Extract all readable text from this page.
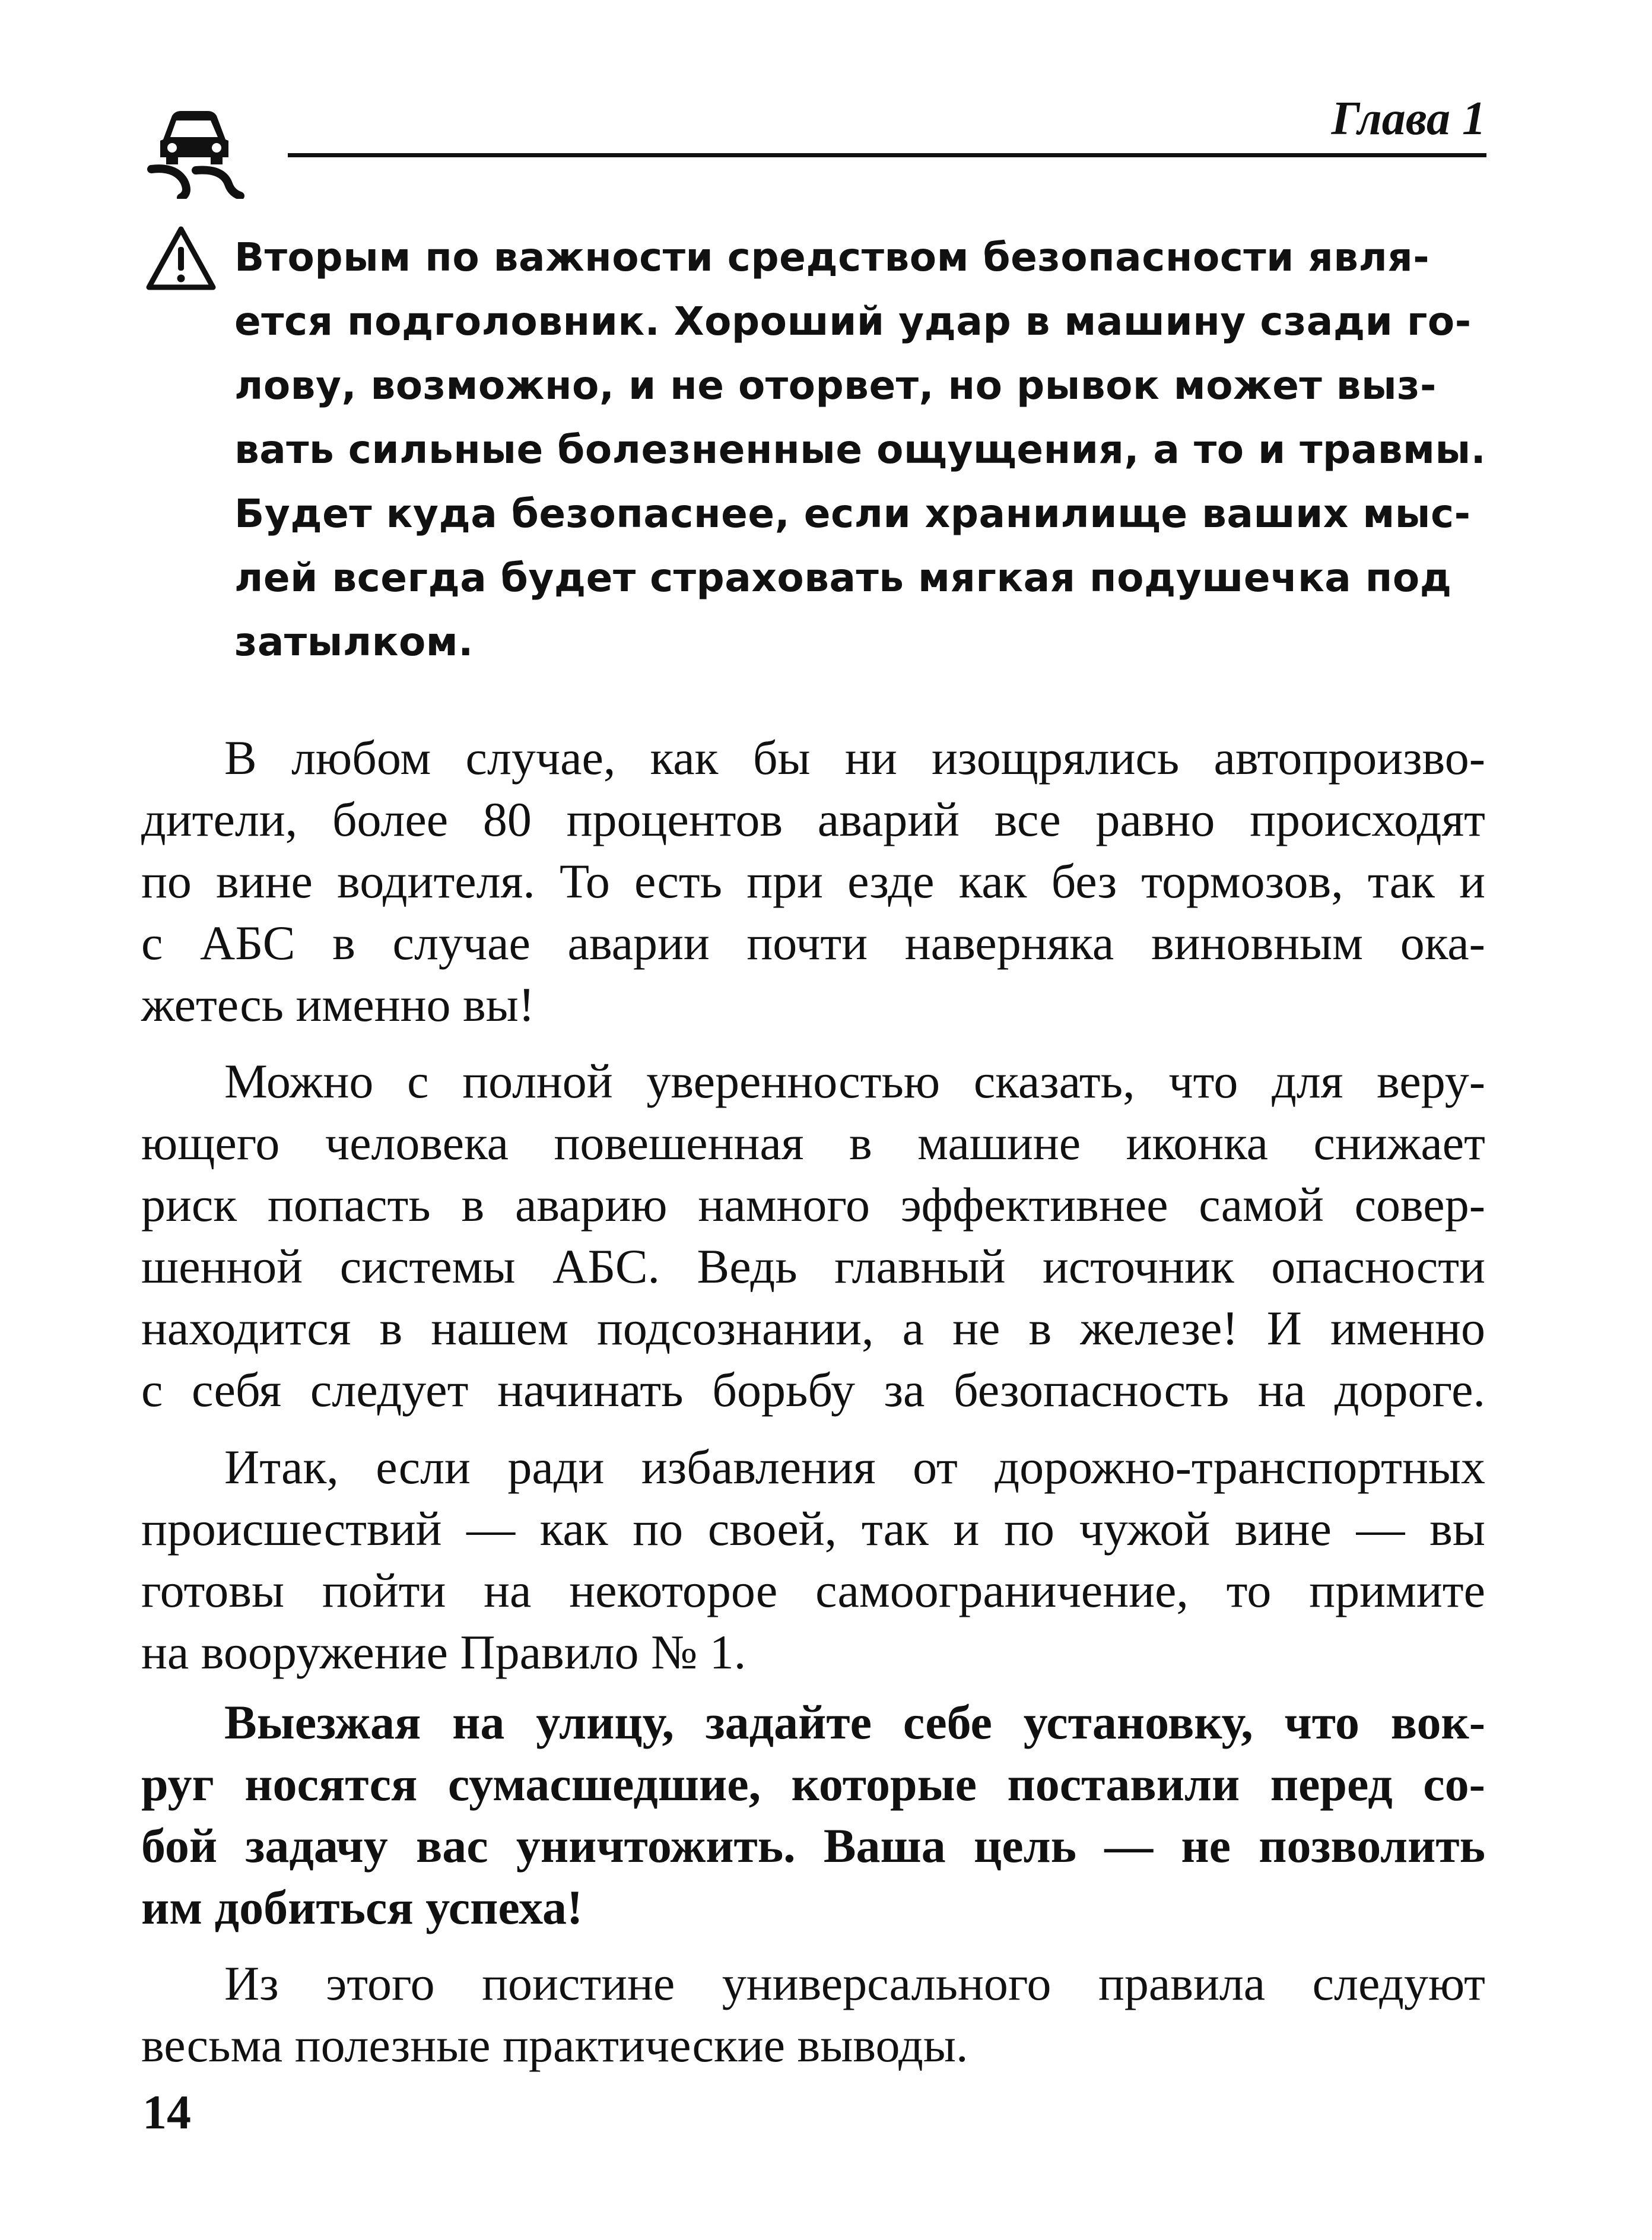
Глава 1
Вторым по важности средством безопасности явля-
ется подголовник. Хороший удар в машину сзади го-
лову, возможно, и не оторвет, но рывок может выз-
вать сильные болезненные ощущения, а то и травмы.
Будет куда безопаснее, если хранилище ваших мыс-
лей всегда будет страховать мягкая подушечка под
затылком.
В любом случае, как бы ни изощрялись автопроизво-
дители, более 80 процентов аварий все равно происходят
по вине водителя. То есть при езде как без тормозов, так и
с АБС в случае аварии почти наверняка виновным ока-
жетесь именно вы!
Можно с полной уверенностью сказать, что для веру-
ющего человека повешенная в машине иконка снижает
риск попасть в аварию намного эффективнее самой совер-
шенной системы АБС. Ведь главный источник опасности
находится в нашем подсознании, а не в железе! И именно
с себя следует начинать борьбу за безопасность на дороге.
Итак, если ради избавления от дорожно-транспортных
происшествий — как по своей, так и по чужой вине — вы
готовы пойти на некоторое самоограничение, то примите
на вооружение Правило № 1.
Выезжая на улицу, задайте себе установку, что вок-
руг носятся сумасшедшие, которые поставили перед со-
бой задачу вас уничтожить. Ваша цель — не позволить
им добиться успеха!
Из этого поистине универсального правила следуют
весьма полезные практические выводы.
14
